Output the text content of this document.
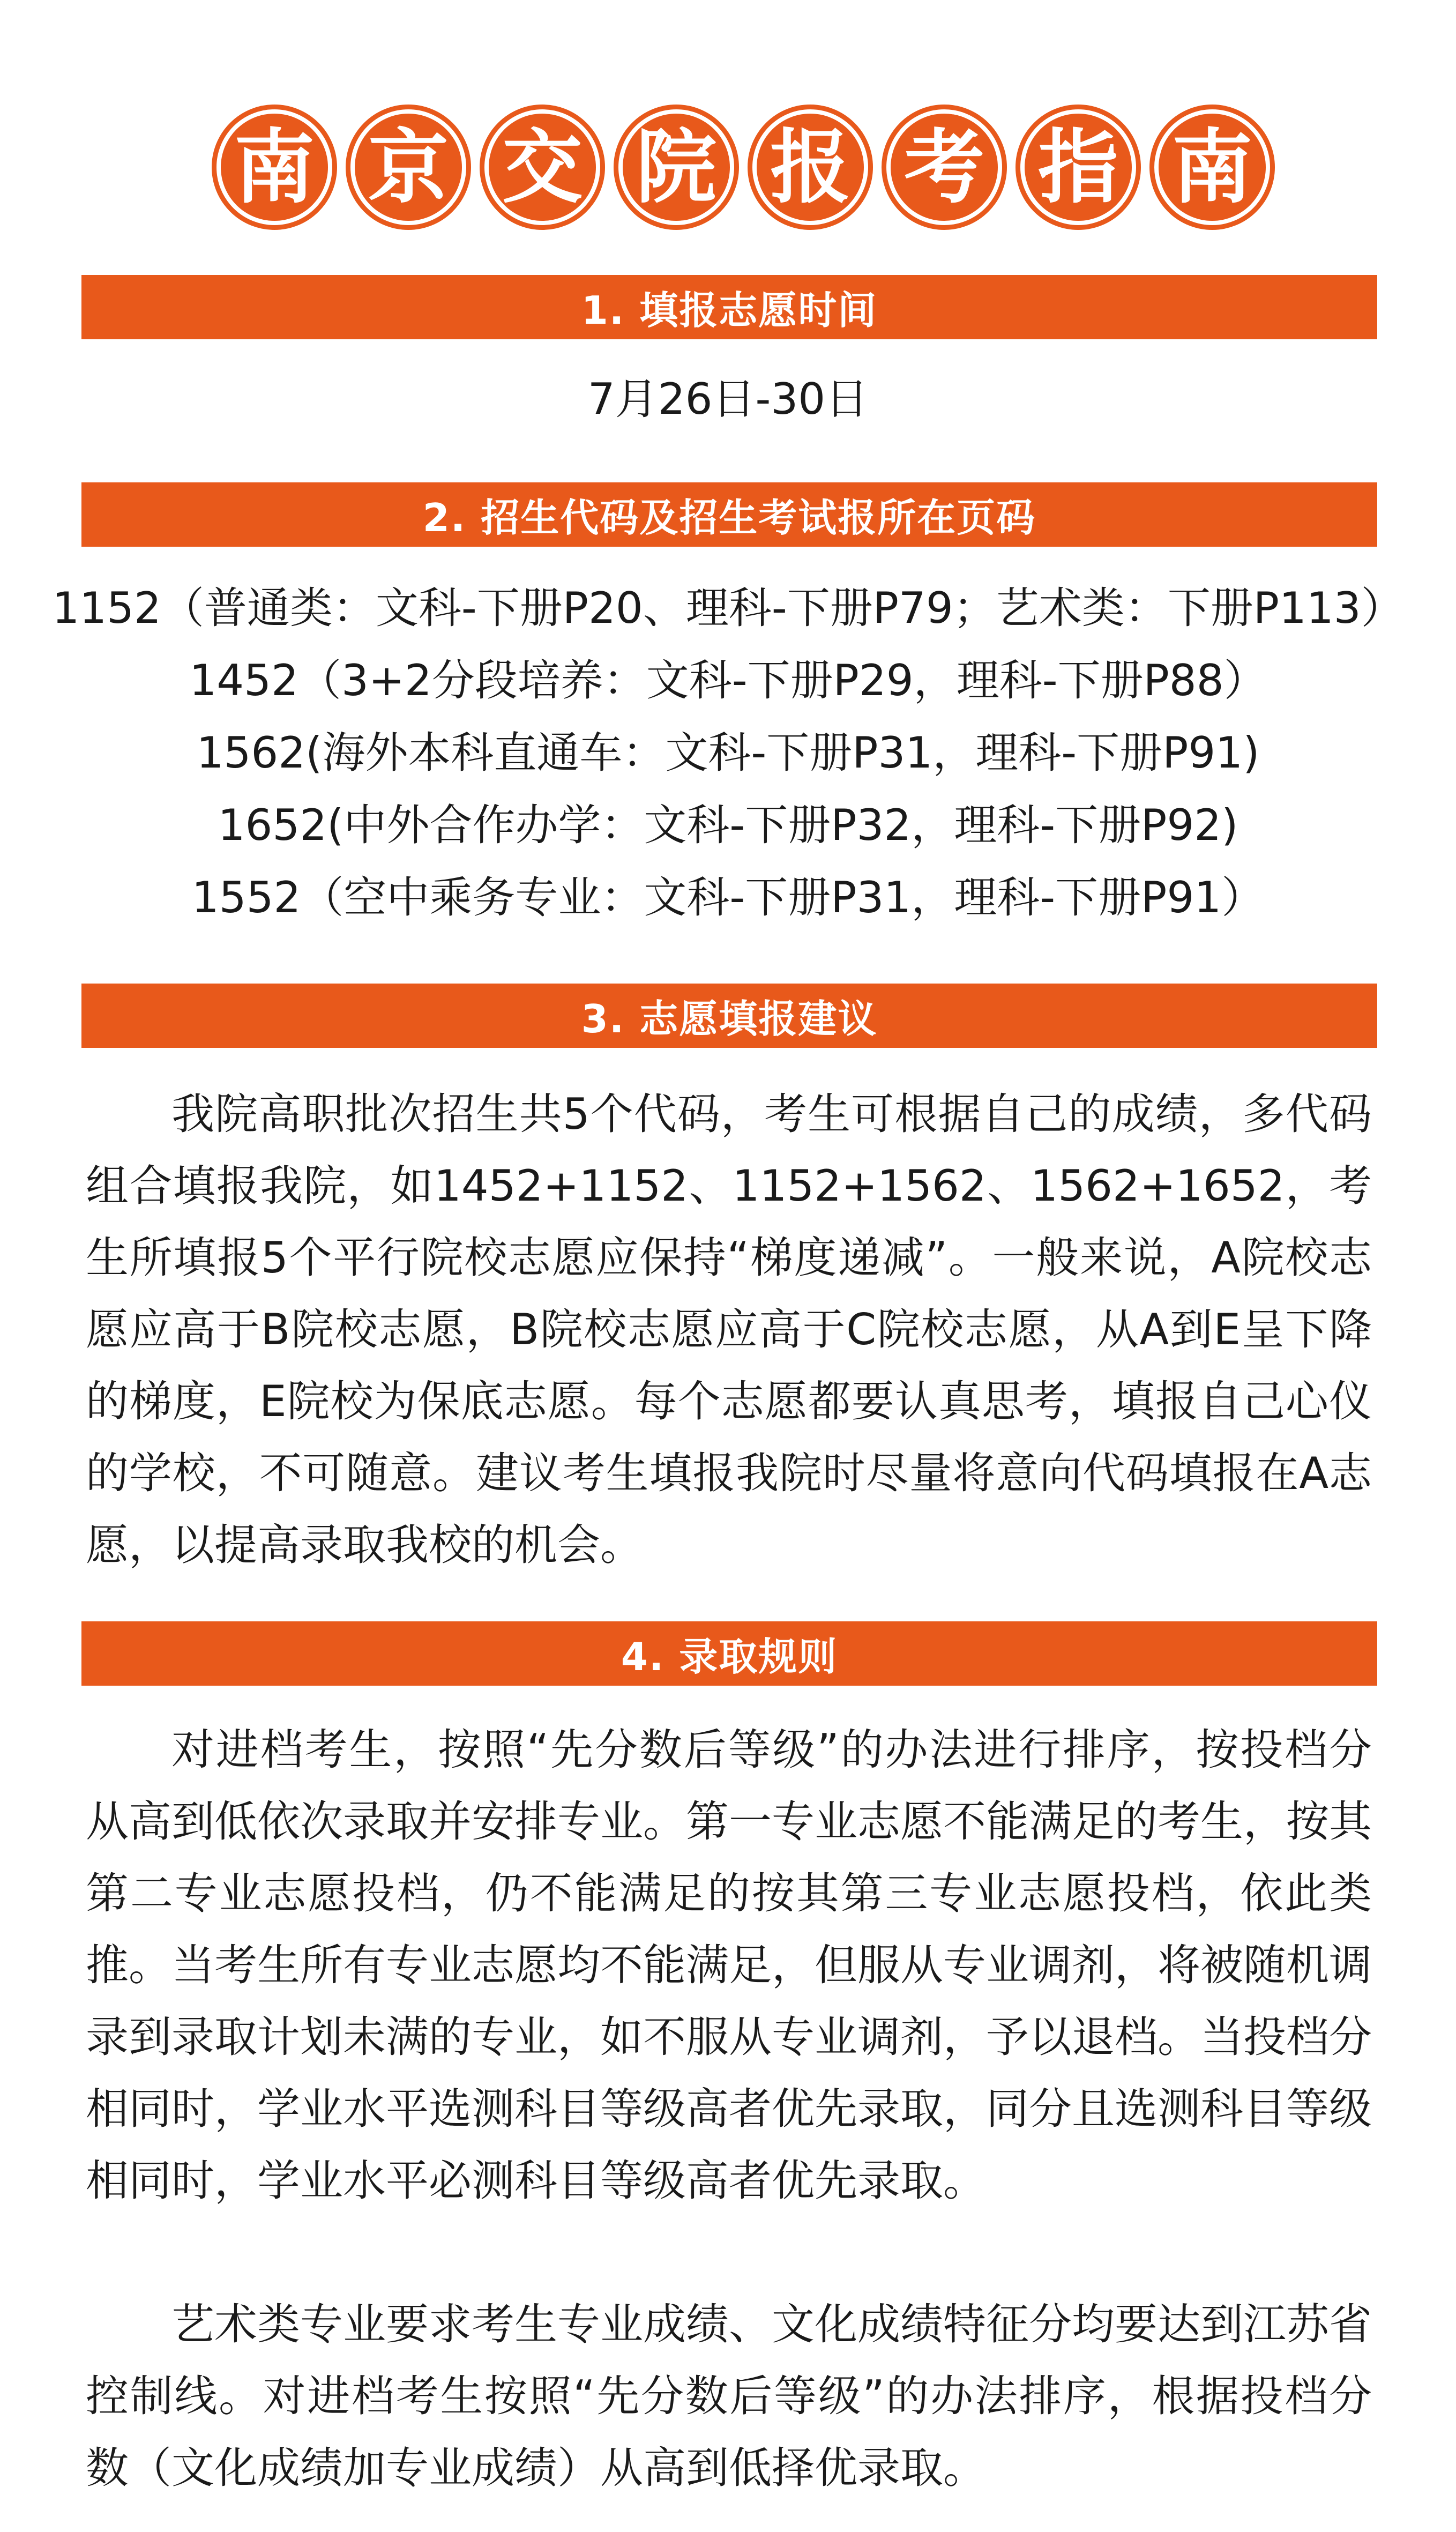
南 京 交 院 报 考 指 南
1. 填报志愿时间
7月26日-30日
2. 招生代码及招生考试报所在页码
1152（普通类：文科-下册P20、理科-下册P79；艺术类：下册P113）
1452（3+2分段培养：文科-下册P29，理科-下册P88）
1562(海外本科直通车：文科-下册P31，理科-下册P91)
1652(中外合作办学：文科-下册P32，理科-下册P92)
1552（空中乘务专业：文科-下册P31，理科-下册P91）
3. 志愿填报建议
我院高职批次招生共5个代码，考生可根据自己的成绩，多代码组合填报我院，如1452+1152、1152+1562、1562+1652，考生所填报5个平行院校志愿应保持“梯度递减”。一般来说，A院校志愿应高于B院校志愿，B院校志愿应高于C院校志愿，从A到E呈下降的梯度，E院校为保底志愿。每个志愿都要认真思考，填报自己心仪的学校，不可随意。建议考生填报我院时尽量将意向代码填报在A志愿，以提高录取我校的机会。
4. 录取规则
对进档考生，按照“先分数后等级”的办法进行排序，按投档分从高到低依次录取并安排专业。第一专业志愿不能满足的考生，按其第二专业志愿投档，仍不能满足的按其第三专业志愿投档，依此类推。当考生所有专业志愿均不能满足，但服从专业调剂，将被随机调录到录取计划未满的专业，如不服从专业调剂，予以退档。当投档分相同时，学业水平选测科目等级高者优先录取，同分且选测科目等级相同时，学业水平必测科目等级高者优先录取。
艺术类专业要求考生专业成绩、文化成绩特征分均要达到江苏省控制线。对进档考生按照“先分数后等级”的办法排序，根据投档分数（文化成绩加专业成绩）从高到低择优录取。
